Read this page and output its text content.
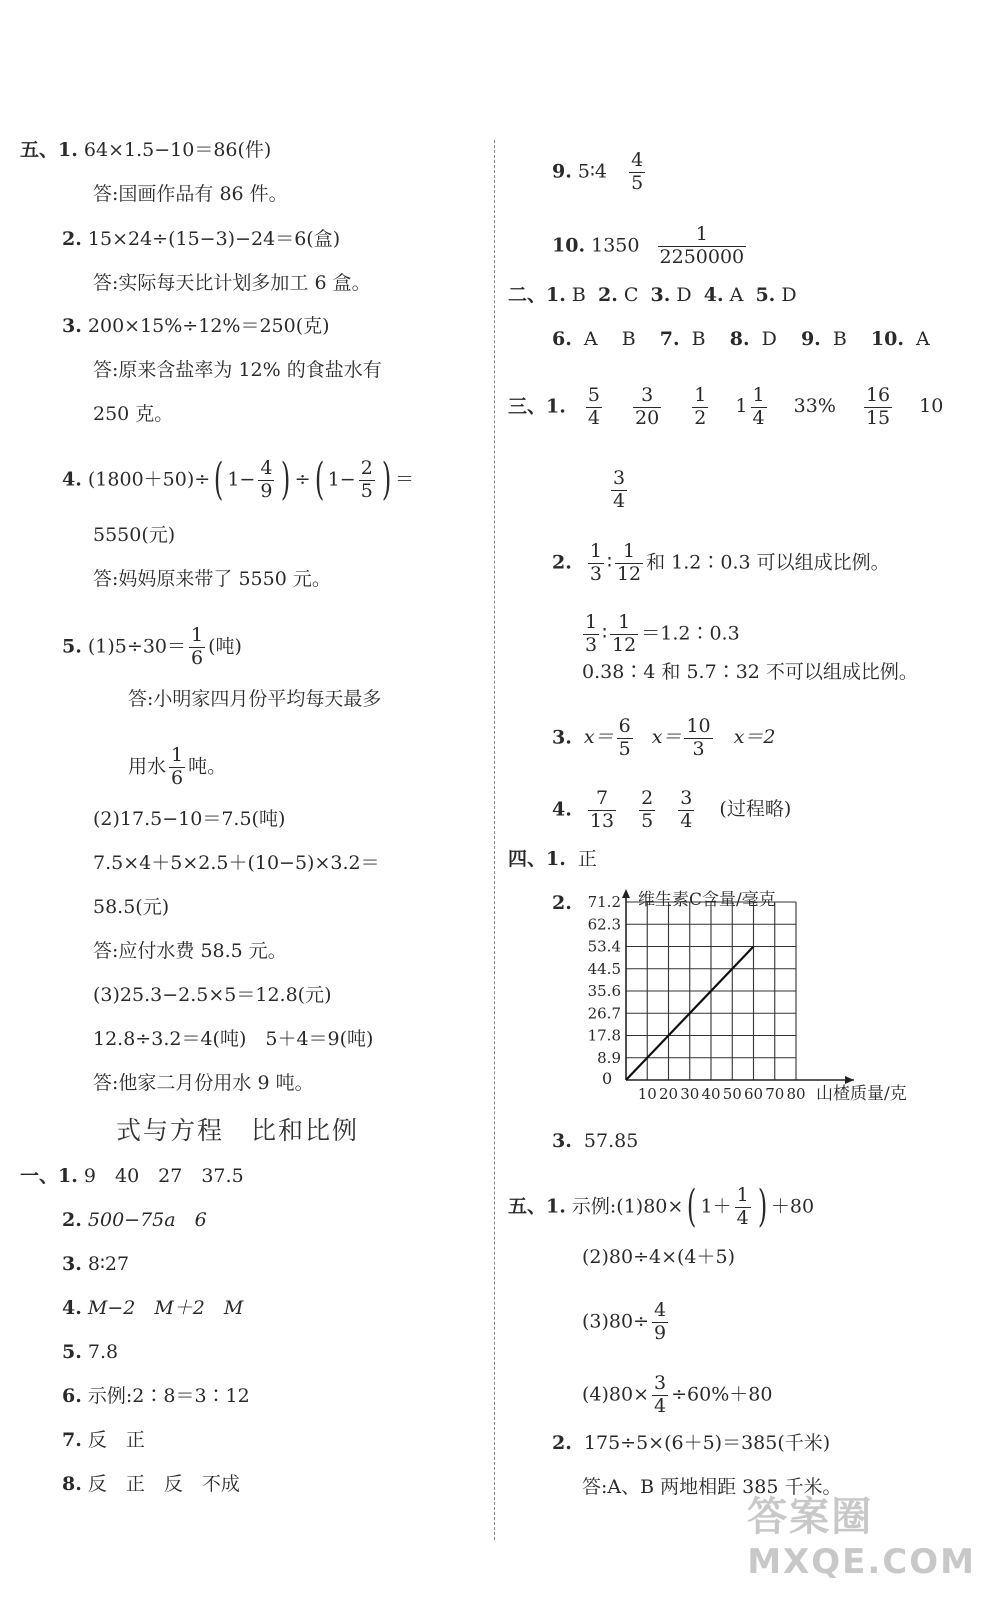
五、1. 64×1.5−10＝86(件)
答:国画作品有 86 件。
2. 15×24÷(15−3)−24＝6(盒)
答:实际每天比计划多加工 6 盒。
3. 200×15%÷12%＝250(克)
答:原来含盐率为 12% 的食盐水有
250 克。
4. (1800＋50)÷( $1- \frac{4}{9}$ ) ÷( $1- \frac{2}{5}$ ) ＝
5550(元)
答:妈妈原来带了 5550 元。
5. $(1)5\div 30= \frac{1}{6}$ (吨)
答:小明家四月份平均每天最多
用水 $\frac{1}{6}$ 吨。
(2)17.5−10＝7.5(吨)
7.5×4＋5×2.5＋(10−5)×3.2＝
58.5(元)
答:应付水费 58.5 元。
(3)25.3−2.5×5＝12.8(元)
12.8÷3.2＝4(吨)　5＋4＝9(吨)
答:他家二月份用水 9 吨。
式与方程　比和比例
一、1. 9　40　27　37.5
2. 500−75a　6
3. 8∶27
4. M−2　M＋2　M
5. 7.8
6. 示例:2∶8＝3∶12
7. 反　正
8. 反　正　反　不成
9. 5∶4 $\frac{4}{5}$
10. $1350 \frac{1}{2250000}$
二、1. B 2. C 3. D 4. A 5. D
6. A B 7. B 8. D 9. B 10. A
三、1. $\frac{5}{4}$
$\frac{3}{20}$
$\frac{1}{2} 1 \frac{1}{4} 33\% \frac{16}{15} 10$
$\frac{3}{4}$
2. $\frac{1}{3}$ ∶ $\frac{1}{12}$ 和 1.2∶0.3 可以组成比例。
$\frac{1}{3}$ ∶ $\frac{1}{12}$ ＝1.2∶0.3
0.38∶4 和 5.7∶32 不可以组成比例。
3. $x= \frac{6}{5} x= \frac{10}{3} x=2$
4. $\frac{7}{13}$
$\frac{2}{5}$
$\frac{3}{4}$ (过程略)
四、1. 正
2.
10 20 30 40 50 60 70 80
8.9
17.8
26.7
35.6
44.5
53.4
62.3
71.2 维生素C含量/毫克
山楂质量/克
0
3. 57.85
五、1. 示例:(1)80×( $1+ \frac{1}{4}$ ) ＋80
(2)80÷4×(4＋5)
$(3)80\div \frac{4}{9}$
$(4)80\times \frac{3}{4} \div 60\%+80$
2. 175÷5×(6＋5)＝385(千米)
答:A、B 两地相距 385 千米。
答案圈
MXQE.COM
